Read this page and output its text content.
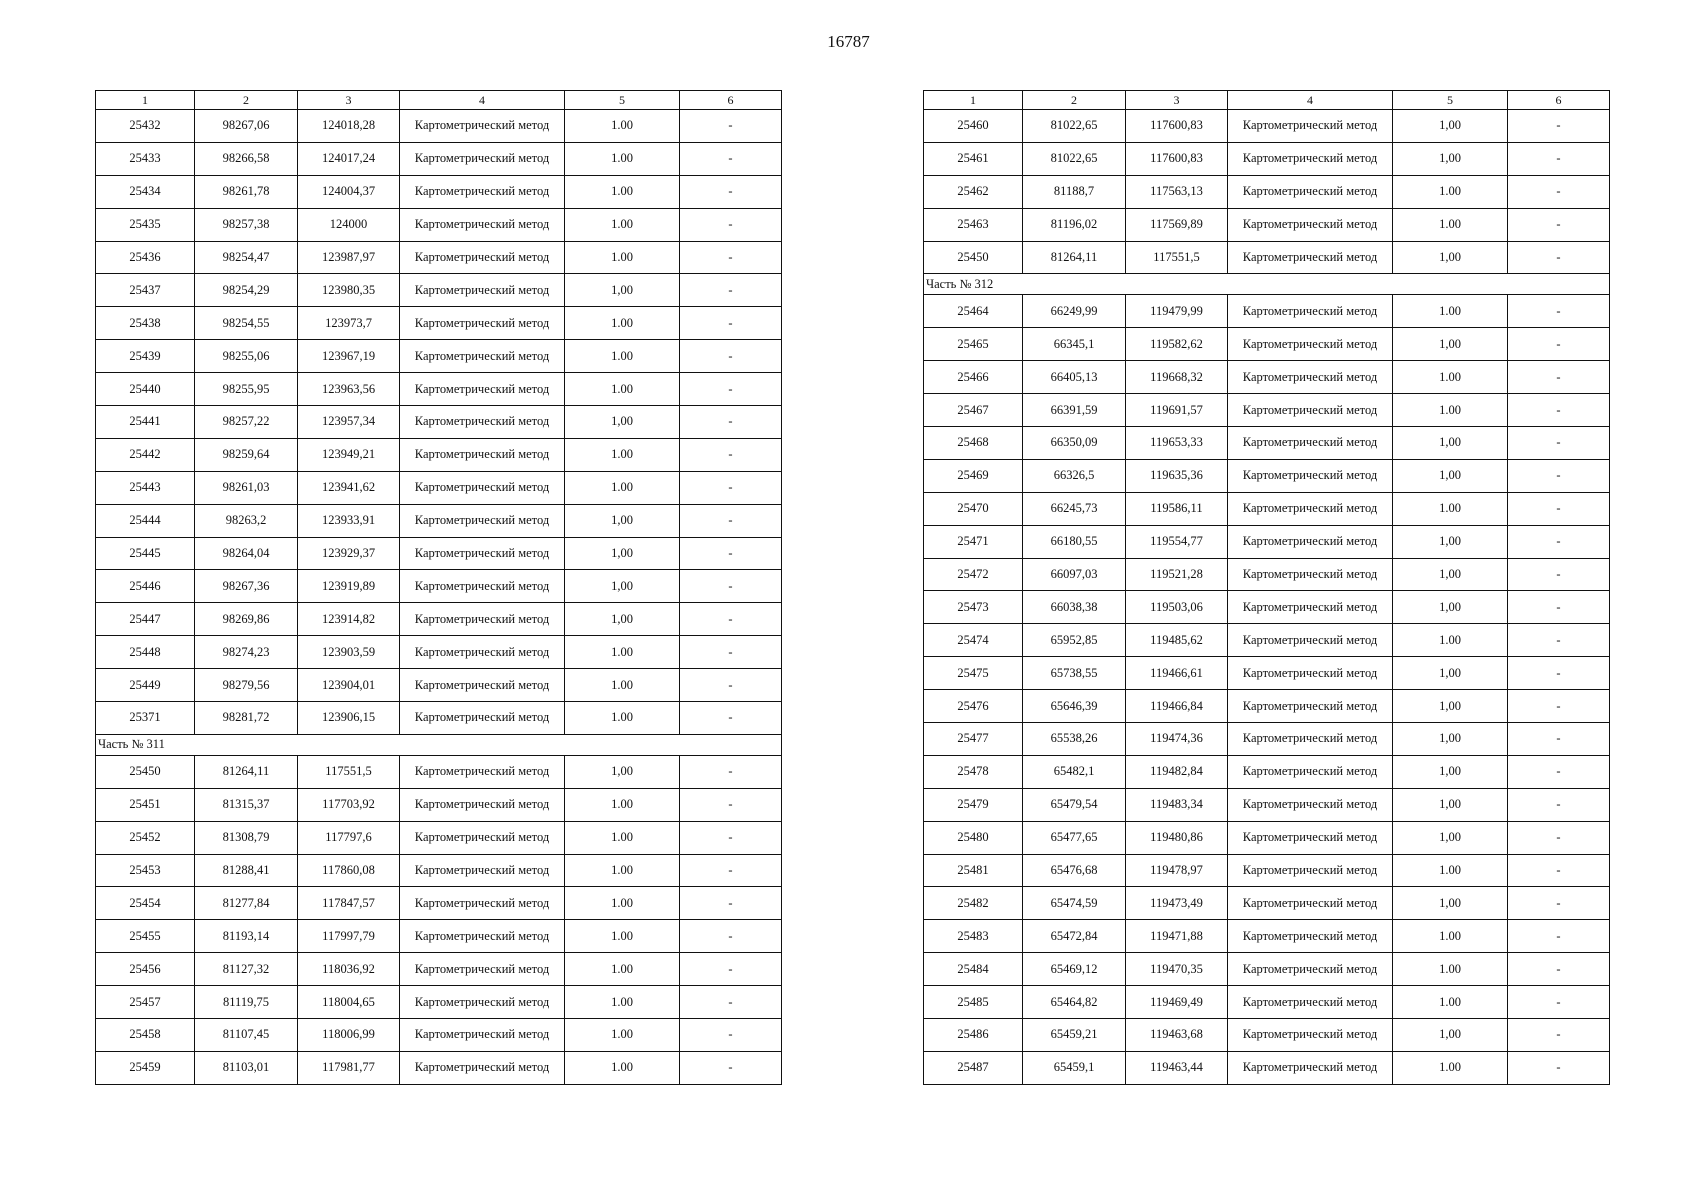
16787
1	2	3	4	5	6
25432	98267,06	124018,28	Картометрический метод	1.00	-
25433	98266,58	124017,24	Картометрический метод	1.00	-
25434	98261,78	124004,37	Картометрический метод	1.00	-
25435	98257,38	124000	Картометрический метод	1.00	-
25436	98254,47	123987,97	Картометрический метод	1.00	-
25437	98254,29	123980,35	Картометрический метод	1,00	-
25438	98254,55	123973,7	Картометрический метод	1.00	-
25439	98255,06	123967,19	Картометрический метод	1.00	-
25440	98255,95	123963,56	Картометрический метод	1.00	-
25441	98257,22	123957,34	Картометрический метод	1,00	-
25442	98259,64	123949,21	Картометрический метод	1.00	-
25443	98261,03	123941,62	Картометрический метод	1.00	-
25444	98263,2	123933,91	Картометрический метод	1,00	-
25445	98264,04	123929,37	Картометрический метод	1,00	-
25446	98267,36	123919,89	Картометрический метод	1,00	-
25447	98269,86	123914,82	Картометрический метод	1,00	-
25448	98274,23	123903,59	Картометрический метод	1.00	-
25449	98279,56	123904,01	Картометрический метод	1.00	-
25371	98281,72	123906,15	Картометрический метод	1.00	-
Часть № 311					
25450	81264,11	117551,5	Картометрический метод	1,00	-
25451	81315,37	117703,92	Картометрический метод	1.00	-
25452	81308,79	117797,6	Картометрический метод	1.00	-
25453	81288,41	117860,08	Картометрический метод	1.00	-
25454	81277,84	117847,57	Картометрический метод	1.00	-
25455	81193,14	117997,79	Картометрический метод	1.00	-
25456	81127,32	118036,92	Картометрический метод	1.00	-
25457	81119,75	118004,65	Картометрический метод	1.00	-
25458	81107,45	118006,99	Картометрический метод	1.00	-
25459	81103,01	117981,77	Картометрический метод	1.00	-
1	2	3	4	5	6
25460	81022,65	117600,83	Картометрический метод	1,00	-
25461	81022,65	117600,83	Картометрический метод	1,00	-
25462	81188,7	117563,13	Картометрический метод	1.00	-
25463	81196,02	117569,89	Картометрический метод	1.00	-
25450	81264,11	117551,5	Картометрический метод	1,00	-
Часть № 312					
25464	66249,99	119479,99	Картометрический метод	1.00	-
25465	66345,1	119582,62	Картометрический метод	1,00	-
25466	66405,13	119668,32	Картометрический метод	1.00	-
25467	66391,59	119691,57	Картометрический метод	1.00	-
25468	66350,09	119653,33	Картометрический метод	1,00	-
25469	66326,5	119635,36	Картометрический метод	1,00	-
25470	66245,73	119586,11	Картометрический метод	1.00	-
25471	66180,55	119554,77	Картометрический метод	1,00	-
25472	66097,03	119521,28	Картометрический метод	1,00	-
25473	66038,38	119503,06	Картометрический метод	1,00	-
25474	65952,85	119485,62	Картометрический метод	1.00	-
25475	65738,55	119466,61	Картометрический метод	1,00	-
25476	65646,39	119466,84	Картометрический метод	1,00	-
25477	65538,26	119474,36	Картометрический метод	1,00	-
25478	65482,1	119482,84	Картометрический метод	1,00	-
25479	65479,54	119483,34	Картометрический метод	1,00	-
25480	65477,65	119480,86	Картометрический метод	1,00	-
25481	65476,68	119478,97	Картометрический метод	1.00	-
25482	65474,59	119473,49	Картометрический метод	1,00	-
25483	65472,84	119471,88	Картометрический метод	1.00	-
25484	65469,12	119470,35	Картометрический метод	1.00	-
25485	65464,82	119469,49	Картометрический метод	1.00	-
25486	65459,21	119463,68	Картометрический метод	1,00	-
25487	65459,1	119463,44	Картометрический метод	1.00	-
